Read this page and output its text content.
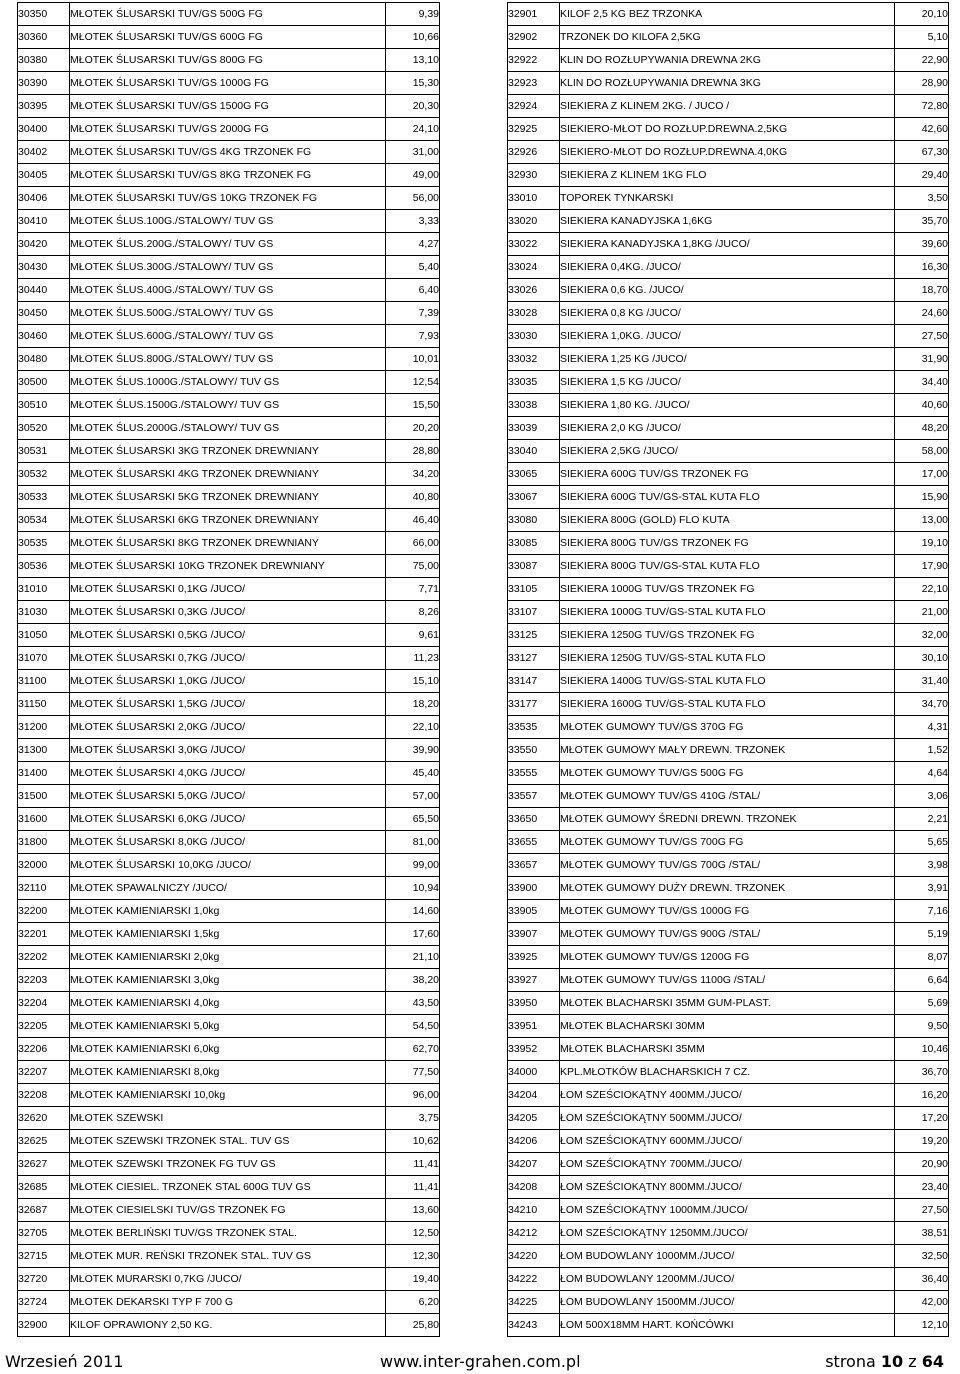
30350	MŁOTEK ŚLUSARSKI TUV/GS 500G FG	9,39
30360	MŁOTEK ŚLUSARSKI TUV/GS 600G FG	10,66
30380	MŁOTEK ŚLUSARSKI TUV/GS 800G FG	13,10
30390	MŁOTEK ŚLUSARSKI TUV/GS 1000G FG	15,30
30395	MŁOTEK ŚLUSARSKI TUV/GS 1500G FG	20,30
30400	MŁOTEK ŚLUSARSKI TUV/GS 2000G FG	24,10
30402	MŁOTEK ŚLUSARSKI TUV/GS 4KG TRZONEK FG	31,00
30405	MŁOTEK ŚLUSARSKI TUV/GS 8KG TRZONEK FG	49,00
30406	MŁOTEK ŚLUSARSKI TUV/GS 10KG TRZONEK FG	56,00
30410	MŁOTEK ŚLUS.100G./STALOWY/ TUV GS	3,33
30420	MŁOTEK ŚLUS.200G./STALOWY/ TUV GS	4,27
30430	MŁOTEK ŚLUS.300G./STALOWY/ TUV GS	5,40
30440	MŁOTEK ŚLUS.400G./STALOWY/ TUV GS	6,40
30450	MŁOTEK ŚLUS.500G./STALOWY/ TUV GS	7,39
30460	MŁOTEK ŚLUS.600G./STALOWY/ TUV GS	7,93
30480	MŁOTEK ŚLUS.800G./STALOWY/ TUV GS	10,01
30500	MŁOTEK ŚLUS.1000G./STALOWY/ TUV GS	12,54
30510	MŁOTEK ŚLUS.1500G./STALOWY/ TUV GS	15,50
30520	MŁOTEK ŚLUS.2000G./STALOWY/ TUV GS	20,20
30531	MŁOTEK ŚLUSARSKI 3KG TRZONEK DREWNIANY	28,80
30532	MŁOTEK ŚLUSARSKI 4KG TRZONEK DREWNIANY	34,20
30533	MŁOTEK ŚLUSARSKI 5KG TRZONEK DREWNIANY	40,80
30534	MŁOTEK ŚLUSARSKI 6KG TRZONEK DREWNIANY	46,40
30535	MŁOTEK ŚLUSARSKI 8KG TRZONEK DREWNIANY	66,00
30536	MŁOTEK ŚLUSARSKI 10KG TRZONEK DREWNIANY	75,00
31010	MŁOTEK ŚLUSARSKI 0,1KG /JUCO/	7,71
31030	MŁOTEK ŚLUSARSKI 0,3KG /JUCO/	8,26
31050	MŁOTEK ŚLUSARSKI 0,5KG /JUCO/	9,61
31070	MŁOTEK ŚLUSARSKI 0,7KG /JUCO/	11,23
31100	MŁOTEK ŚLUSARSKI 1,0KG /JUCO/	15,10
31150	MŁOTEK ŚLUSARSKI 1,5KG /JUCO/	18,20
31200	MŁOTEK ŚLUSARSKI 2,0KG /JUCO/	22,10
31300	MŁOTEK ŚLUSARSKI 3,0KG /JUCO/	39,90
31400	MŁOTEK ŚLUSARSKI 4,0KG /JUCO/	45,40
31500	MŁOTEK ŚLUSARSKI 5,0KG /JUCO/	57,00
31600	MŁOTEK ŚLUSARSKI 6,0KG /JUCO/	65,50
31800	MŁOTEK ŚLUSARSKI 8,0KG /JUCO/	81,00
32000	MŁOTEK ŚLUSARSKI 10,0KG /JUCO/	99,00
32110	MŁOTEK SPAWALNICZY /JUCO/	10,94
32200	MŁOTEK KAMIENIARSKI 1,0kg	14,60
32201	MŁOTEK KAMIENIARSKI 1,5kg	17,60
32202	MŁOTEK KAMIENIARSKI 2,0kg	21,10
32203	MŁOTEK KAMIENIARSKI 3,0kg	38,20
32204	MŁOTEK KAMIENIARSKI 4,0kg	43,50
32205	MŁOTEK KAMIENIARSKI 5,0kg	54,50
32206	MŁOTEK KAMIENIARSKI 6,0kg	62,70
32207	MŁOTEK KAMIENIARSKI 8,0kg	77,50
32208	MŁOTEK KAMIENIARSKI 10,0kg	96,00
32620	MŁOTEK SZEWSKI	3,75
32625	MŁOTEK SZEWSKI TRZONEK STAL. TUV GS	10,62
32627	MŁOTEK SZEWSKI TRZONEK FG TUV GS	11,41
32685	MŁOTEK CIESIEL. TRZONEK STAL 600G TUV GS	11,41
32687	MŁOTEK CIESIELSKI TUV/GS TRZONEK FG	13,60
32705	MŁOTEK BERLIŃSKI TUV/GS TRZONEK STAL.	12,50
32715	MŁOTEK MUR. REŃSKI TRZONEK STAL. TUV GS	12,30
32720	MŁOTEK MURARSKI 0,7KG /JUCO/	19,40
32724	MŁOTEK DEKARSKI TYP F 700 G	6,20
32900	KILOF OPRAWIONY 2,50 KG.	25,80
32901	KILOF 2,5 KG BEZ TRZONKA	20,10
32902	TRZONEK DO KILOFA 2,5KG	5,10
32922	KLIN DO ROZŁUPYWANIA DREWNA 2KG	22,90
32923	KLIN DO ROZŁUPYWANIA DREWNA 3KG	28,90
32924	SIEKIERA Z KLINEM 2KG. / JUCO /	72,80
32925	SIEKIERO-MŁOT DO ROZŁUP.DREWNA.2,5KG	42,60
32926	SIEKIERO-MŁOT DO ROZŁUP.DREWNA.4,0KG	67,30
32930	SIEKIERA Z KLINEM 1KG FLO	29,40
33010	TOPOREK TYNKARSKI	3,50
33020	SIEKIERA KANADYJSKA 1,6KG	35,70
33022	SIEKIERA KANADYJSKA 1,8KG /JUCO/	39,60
33024	SIEKIERA 0,4KG. /JUCO/	16,30
33026	SIEKIERA 0,6 KG. /JUCO/	18,70
33028	SIEKIERA 0,8 KG /JUCO/	24,60
33030	SIEKIERA 1,0KG. /JUCO/	27,50
33032	SIEKIERA 1,25 KG /JUCO/	31,90
33035	SIEKIERA 1,5 KG /JUCO/	34,40
33038	SIEKIERA 1,80 KG. /JUCO/	40,60
33039	SIEKIERA 2,0 KG /JUCO/	48,20
33040	SIEKIERA 2,5KG /JUCO/	58,00
33065	SIEKIERA 600G TUV/GS TRZONEK FG	17,00
33067	SIEKIERA 600G TUV/GS-STAL KUTA FLO	15,90
33080	SIEKIERA 800G (GOLD) FLO KUTA	13,00
33085	SIEKIERA 800G TUV/GS TRZONEK FG	19,10
33087	SIEKIERA 800G TUV/GS-STAL KUTA FLO	17,90
33105	SIEKIERA 1000G TUV/GS TRZONEK FG	22,10
33107	SIEKIERA 1000G TUV/GS-STAL KUTA FLO	21,00
33125	SIEKIERA 1250G TUV/GS TRZONEK FG	32,00
33127	SIEKIERA 1250G TUV/GS-STAL KUTA FLO	30,10
33147	SIEKIERA 1400G TUV/GS-STAL KUTA FLO	31,40
33177	SIEKIERA 1600G TUV/GS-STAL KUTA FLO	34,70
33535	MŁOTEK GUMOWY TUV/GS 370G FG	4,31
33550	MŁOTEK GUMOWY MAŁY DREWN. TRZONEK	1,52
33555	MŁOTEK GUMOWY TUV/GS 500G FG	4,64
33557	MŁOTEK GUMOWY TUV/GS 410G /STAL/	3,06
33650	MŁOTEK GUMOWY ŚREDNI DREWN. TRZONEK	2,21
33655	MŁOTEK GUMOWY TUV/GS 700G FG	5,65
33657	MŁOTEK GUMOWY TUV/GS 700G /STAL/	3,98
33900	MŁOTEK GUMOWY DUŻY DREWN. TRZONEK	3,91
33905	MŁOTEK GUMOWY TUV/GS 1000G FG	7,16
33907	MŁOTEK GUMOWY TUV/GS 900G /STAL/	5,19
33925	MŁOTEK GUMOWY TUV/GS 1200G FG	8,07
33927	MŁOTEK GUMOWY TUV/GS 1100G /STAL/	6,64
33950	MŁOTEK BLACHARSKI 35MM GUM-PLAST.	5,69
33951	MŁOTEK BLACHARSKI 30MM	9,50
33952	MŁOTEK BLACHARSKI 35MM	10,46
34000	KPL.MŁOTKÓW BLACHARSKICH 7 CZ.	36,70
34204	ŁOM SZEŚCIOKĄTNY 400MM./JUCO/	16,20
34205	ŁOM SZEŚCIOKĄTNY 500MM./JUCO/	17,20
34206	ŁOM SZEŚCIOKĄTNY 600MM./JUCO/	19,20
34207	ŁOM SZEŚCIOKĄTNY 700MM./JUCO/	20,90
34208	ŁOM SZEŚCIOKĄTNY 800MM./JUCO/	23,40
34210	ŁOM SZEŚCIOKĄTNY 1000MM./JUCO/	27,50
34212	ŁOM SZEŚCIOKĄTNY 1250MM./JUCO/	38,51
34220	ŁOM BUDOWLANY 1000MM./JUCO/	32,50
34222	ŁOM BUDOWLANY 1200MM./JUCO/	36,40
34225	ŁOM BUDOWLANY 1500MM./JUCO/	42,00
34243	ŁOM 500X18MM HART. KOŃCÓWKI	12,10
Wrzesień 2011	www.inter-grahen.com.pl	strona 10 z 64
